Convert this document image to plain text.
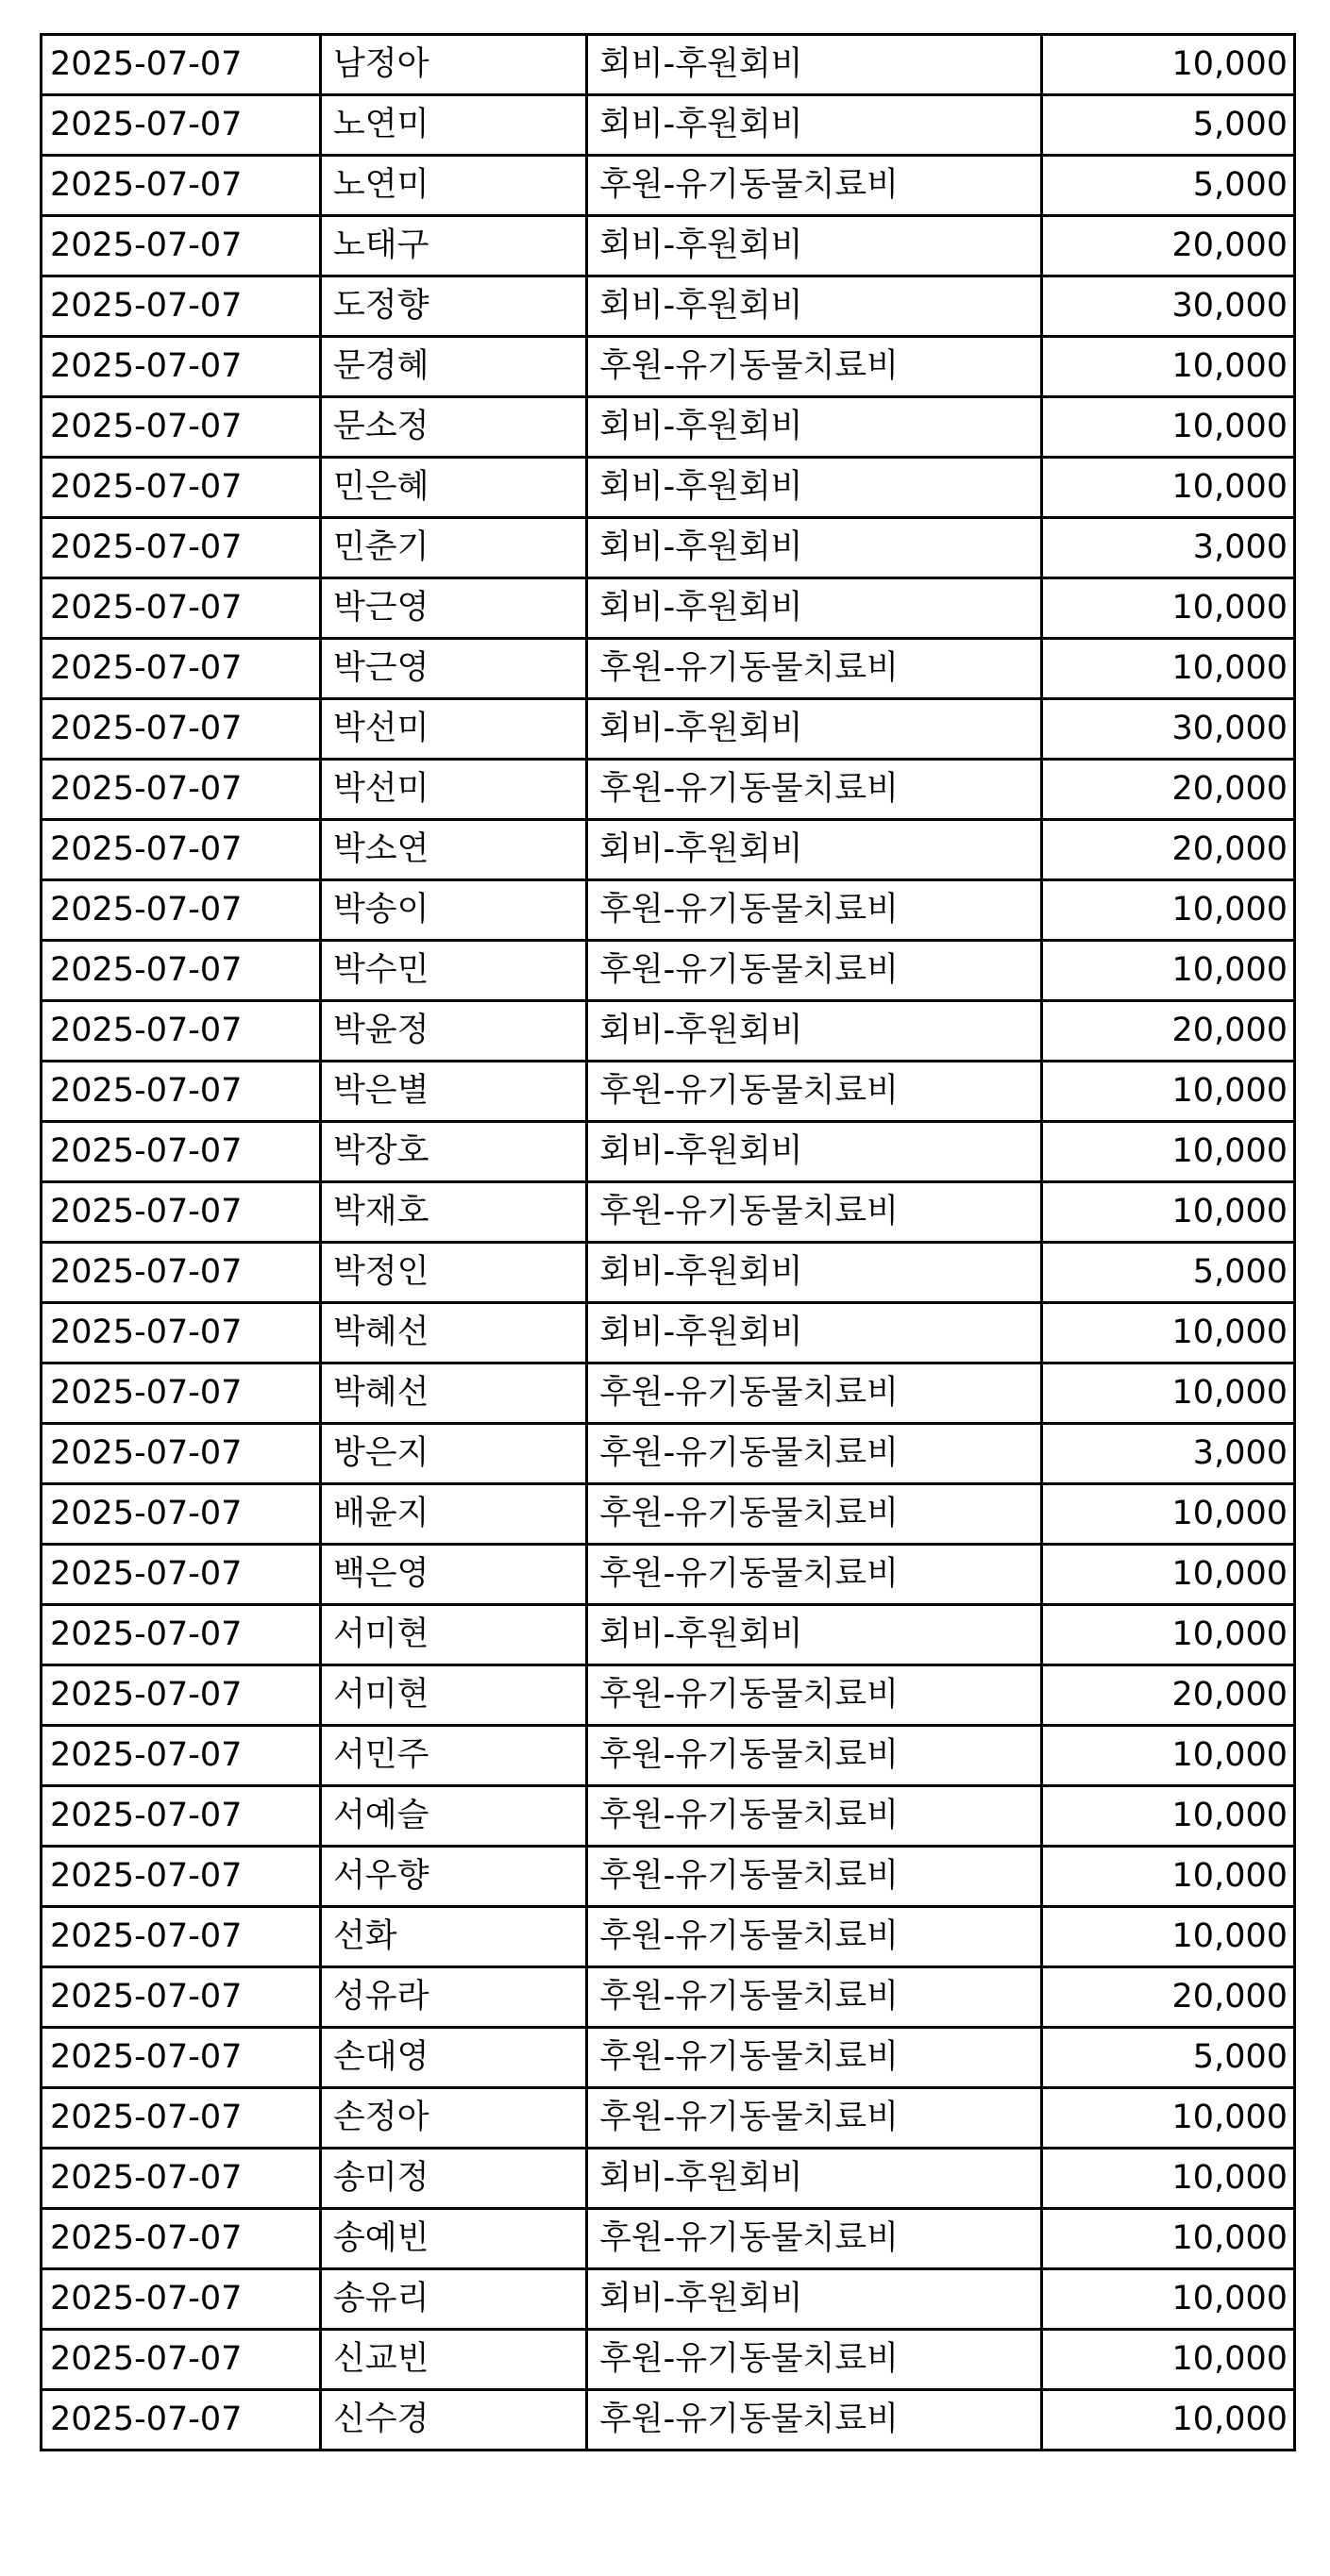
2025-07-07	남정아	회비-후원회비	10,000
2025-07-07	노연미	회비-후원회비	5,000
2025-07-07	노연미	후원-유기동물치료비	5,000
2025-07-07	노태구	회비-후원회비	20,000
2025-07-07	도정향	회비-후원회비	30,000
2025-07-07	문경혜	후원-유기동물치료비	10,000
2025-07-07	문소정	회비-후원회비	10,000
2025-07-07	민은혜	회비-후원회비	10,000
2025-07-07	민춘기	회비-후원회비	3,000
2025-07-07	박근영	회비-후원회비	10,000
2025-07-07	박근영	후원-유기동물치료비	10,000
2025-07-07	박선미	회비-후원회비	30,000
2025-07-07	박선미	후원-유기동물치료비	20,000
2025-07-07	박소연	회비-후원회비	20,000
2025-07-07	박송이	후원-유기동물치료비	10,000
2025-07-07	박수민	후원-유기동물치료비	10,000
2025-07-07	박윤정	회비-후원회비	20,000
2025-07-07	박은별	후원-유기동물치료비	10,000
2025-07-07	박장호	회비-후원회비	10,000
2025-07-07	박재호	후원-유기동물치료비	10,000
2025-07-07	박정인	회비-후원회비	5,000
2025-07-07	박혜선	회비-후원회비	10,000
2025-07-07	박혜선	후원-유기동물치료비	10,000
2025-07-07	방은지	후원-유기동물치료비	3,000
2025-07-07	배윤지	후원-유기동물치료비	10,000
2025-07-07	백은영	후원-유기동물치료비	10,000
2025-07-07	서미현	회비-후원회비	10,000
2025-07-07	서미현	후원-유기동물치료비	20,000
2025-07-07	서민주	후원-유기동물치료비	10,000
2025-07-07	서예슬	후원-유기동물치료비	10,000
2025-07-07	서우향	후원-유기동물치료비	10,000
2025-07-07	선화	후원-유기동물치료비	10,000
2025-07-07	성유라	후원-유기동물치료비	20,000
2025-07-07	손대영	후원-유기동물치료비	5,000
2025-07-07	손정아	후원-유기동물치료비	10,000
2025-07-07	송미정	회비-후원회비	10,000
2025-07-07	송예빈	후원-유기동물치료비	10,000
2025-07-07	송유리	회비-후원회비	10,000
2025-07-07	신교빈	후원-유기동물치료비	10,000
2025-07-07	신수경	후원-유기동물치료비	10,000
